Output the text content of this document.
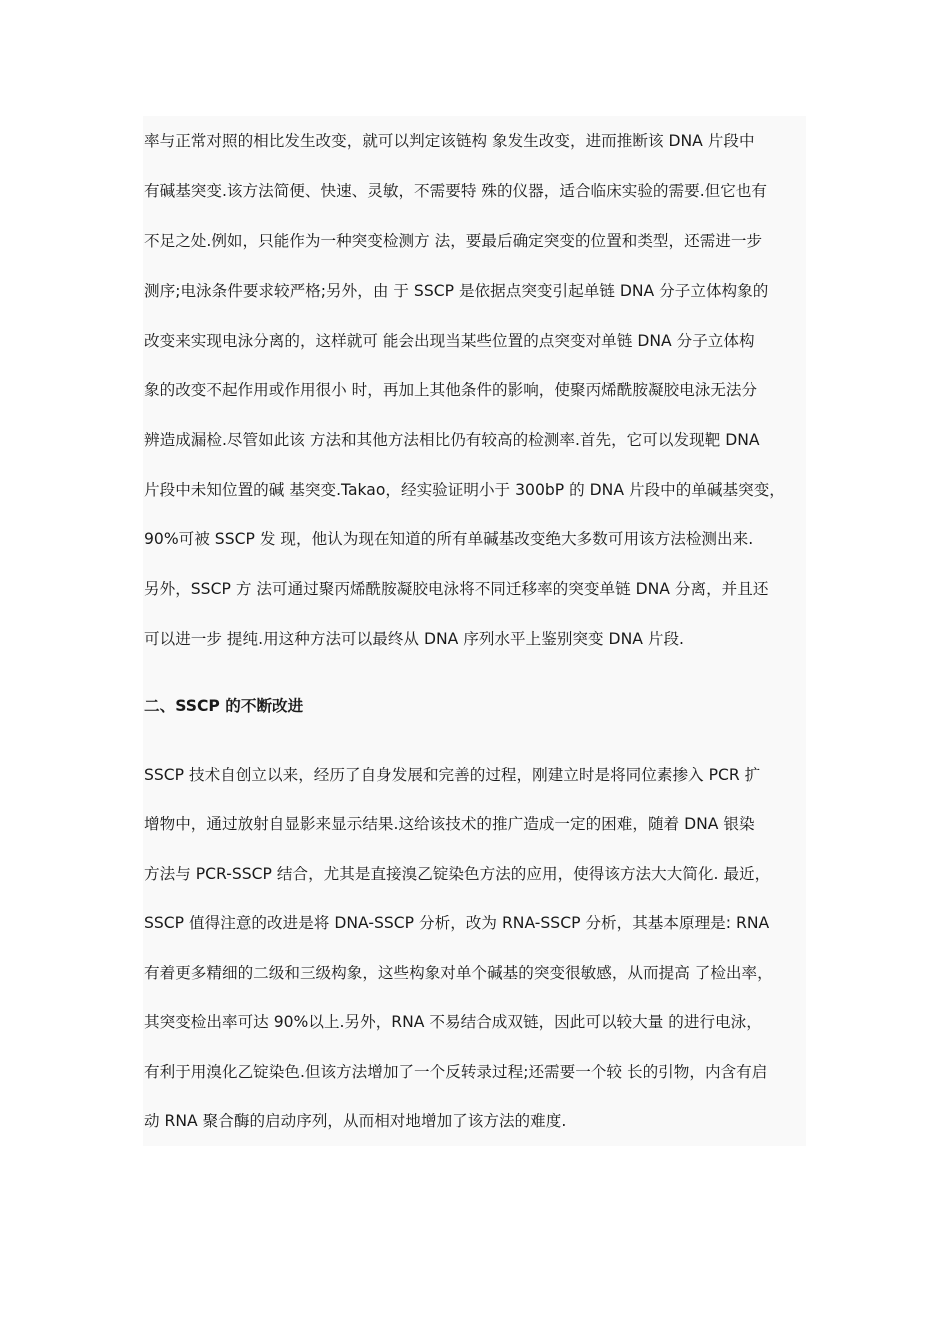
率与正常对照的相比发生改变，就可以判定该链构 象发生改变，进而推断该 DNA 片段中
有碱基突变.该方法简便、快速、灵敏，不需要特 殊的仪器，适合临床实验的需要.但它也有
不足之处.例如，只能作为一种突变检测方 法，要最后确定突变的位置和类型，还需进一步
测序;电泳条件要求较严格;另外，由 于 SSCP 是依据点突变引起单链 DNA 分子立体构象的
改变来实现电泳分离的，这样就可 能会出现当某些位置的点突变对单链 DNA 分子立体构
象的改变不起作用或作用很小 时，再加上其他条件的影响，使聚丙烯酰胺凝胶电泳无法分
辨造成漏检.尽管如此该 方法和其他方法相比仍有较高的检测率.首先，它可以发现靶 DNA
片段中未知位置的碱 基突变.Takao，经实验证明小于 300bP 的 DNA 片段中的单碱基突变，
90%可被 SSCP 发 现，他认为现在知道的所有单碱基改变绝大多数可用该方法检测出来.
另外，SSCP 方 法可通过聚丙烯酰胺凝胶电泳将不同迁移率的突变单链 DNA 分离，并且还
可以进一步 提纯.用这种方法可以最终从 DNA 序列水平上鉴别突变 DNA 片段.
二、SSCP 的不断改进
SSCP 技术自创立以来，经历了自身发展和完善的过程，刚建立时是将同位素掺入 PCR 扩
增物中，通过放射自显影来显示结果.这给该技术的推广造成一定的困难，随着 DNA 银染
方法与 PCR-SSCP 结合，尤其是直接溴乙锭染色方法的应用，使得该方法大大简化. 最近，
SSCP 值得注意的改进是将 DNA-SSCP 分析，改为 RNA-SSCP 分析，其基本原理是: RNA
有着更多精细的二级和三级构象，这些构象对单个碱基的突变很敏感，从而提高 了检出率，
其突变检出率可达 90%以上.另外，RNA 不易结合成双链，因此可以较大量 的进行电泳，
有利于用溴化乙锭染色.但该方法增加了一个反转录过程;还需要一个较 长的引物，内含有启
动 RNA 聚合酶的启动序列，从而相对地增加了该方法的难度.
